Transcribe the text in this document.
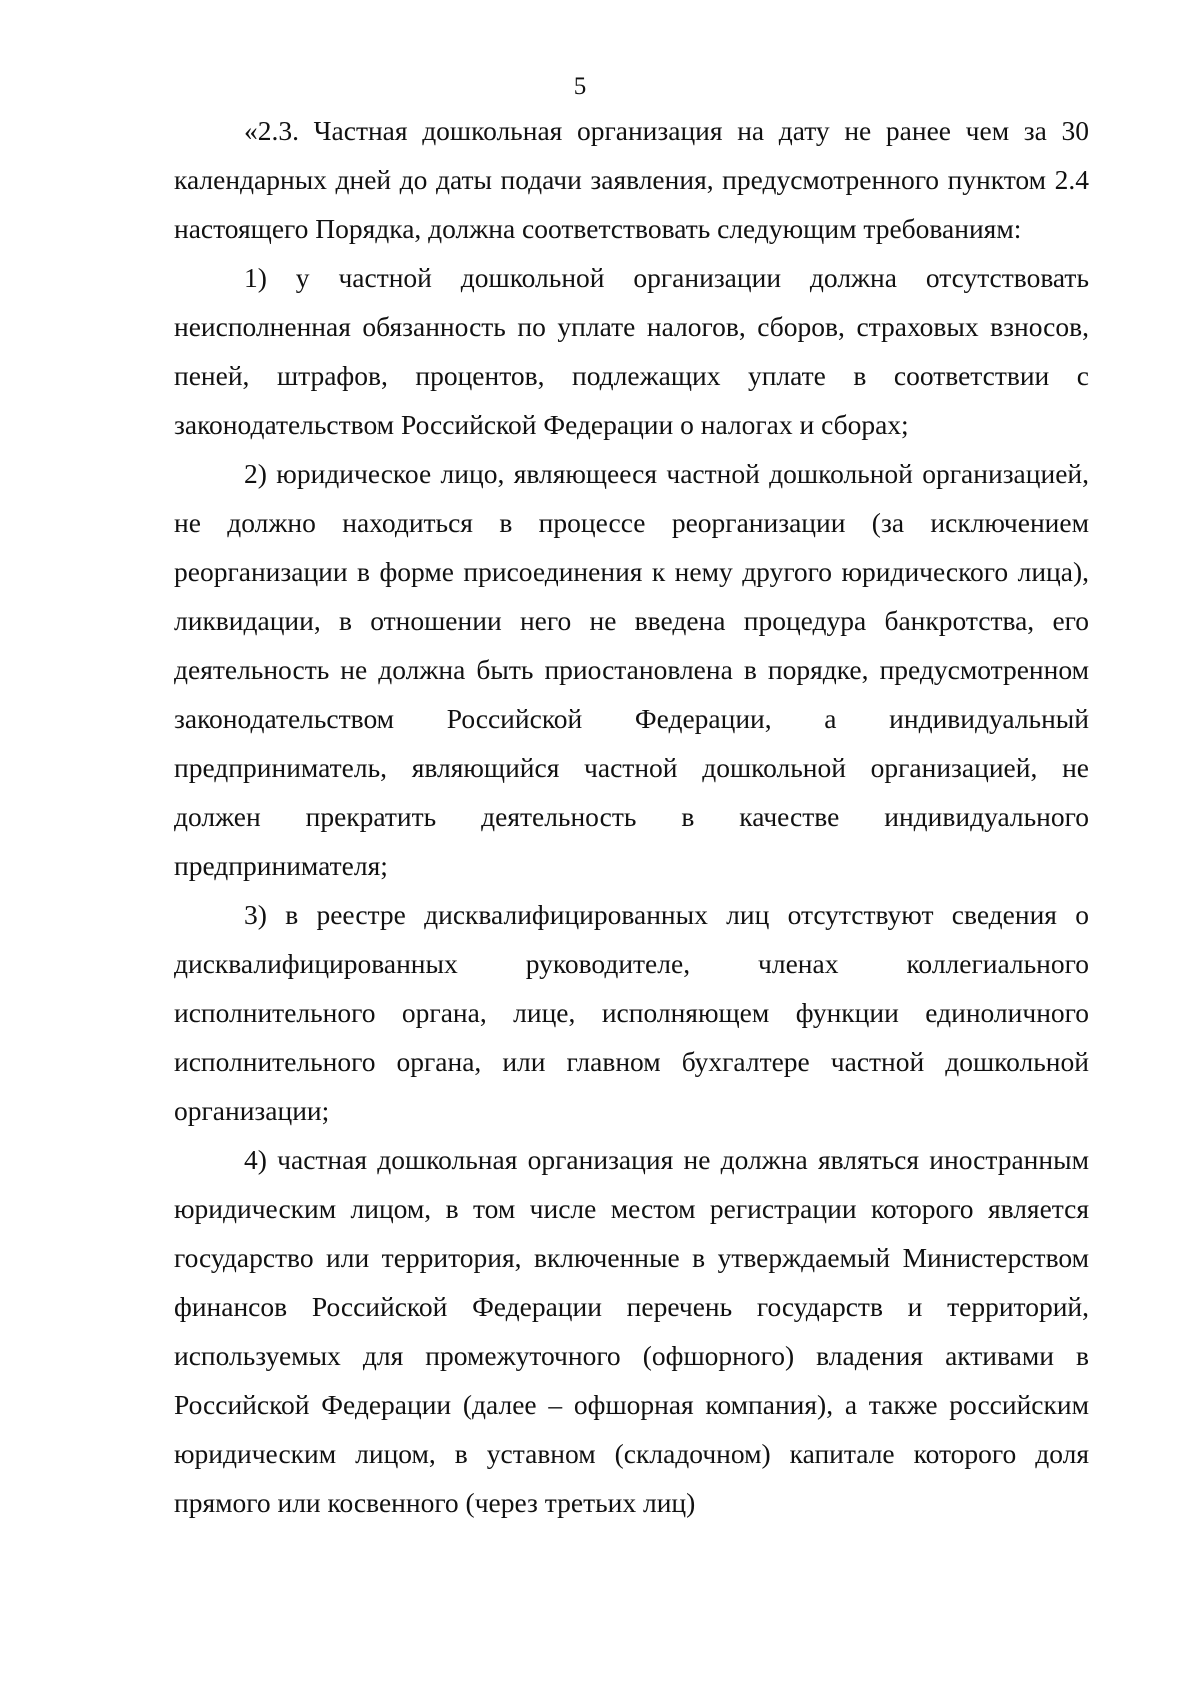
5

«2.3. Частная дошкольная организация на дату не ранее чем за 30 календарных дней до даты подачи заявления, предусмотренного пунктом 2.4 настоящего Порядка, должна соответствовать следующим требованиям:

1) у частной дошкольной организации должна отсутствовать неисполненная обязанность по уплате налогов, сборов, страховых взносов, пеней, штрафов, процентов, подлежащих уплате в соответствии с законодательством Российской Федерации о налогах и сборах;

2) юридическое лицо, являющееся частной дошкольной организацией, не должно находиться в процессе реорганизации (за исключением реорганизации в форме присоединения к нему другого юридического лица), ликвидации, в отношении него не введена процедура банкротства, его деятельность не должна быть приостановлена в порядке, предусмотренном законодательством Российской Федерации, а индивидуальный предприниматель, являющийся частной дошкольной организацией, не должен прекратить деятельность в качестве индивидуального предпринимателя;

3) в реестре дисквалифицированных лиц отсутствуют сведения о дисквалифицированных руководителе, членах коллегиального исполнительного органа, лице, исполняющем функции единоличного исполнительного органа, или главном бухгалтере частной дошкольной организации;

4) частная дошкольная организация не должна являться иностранным юридическим лицом, в том числе местом регистрации которого является государство или территория, включенные в утверждаемый Министерством финансов Российской Федерации перечень государств и территорий, используемых для промежуточного (офшорного) владения активами в Российской Федерации (далее – офшорная компания), а также российским юридическим лицом, в уставном (складочном) капитале которого доля прямого или косвенного (через третьих лиц)
